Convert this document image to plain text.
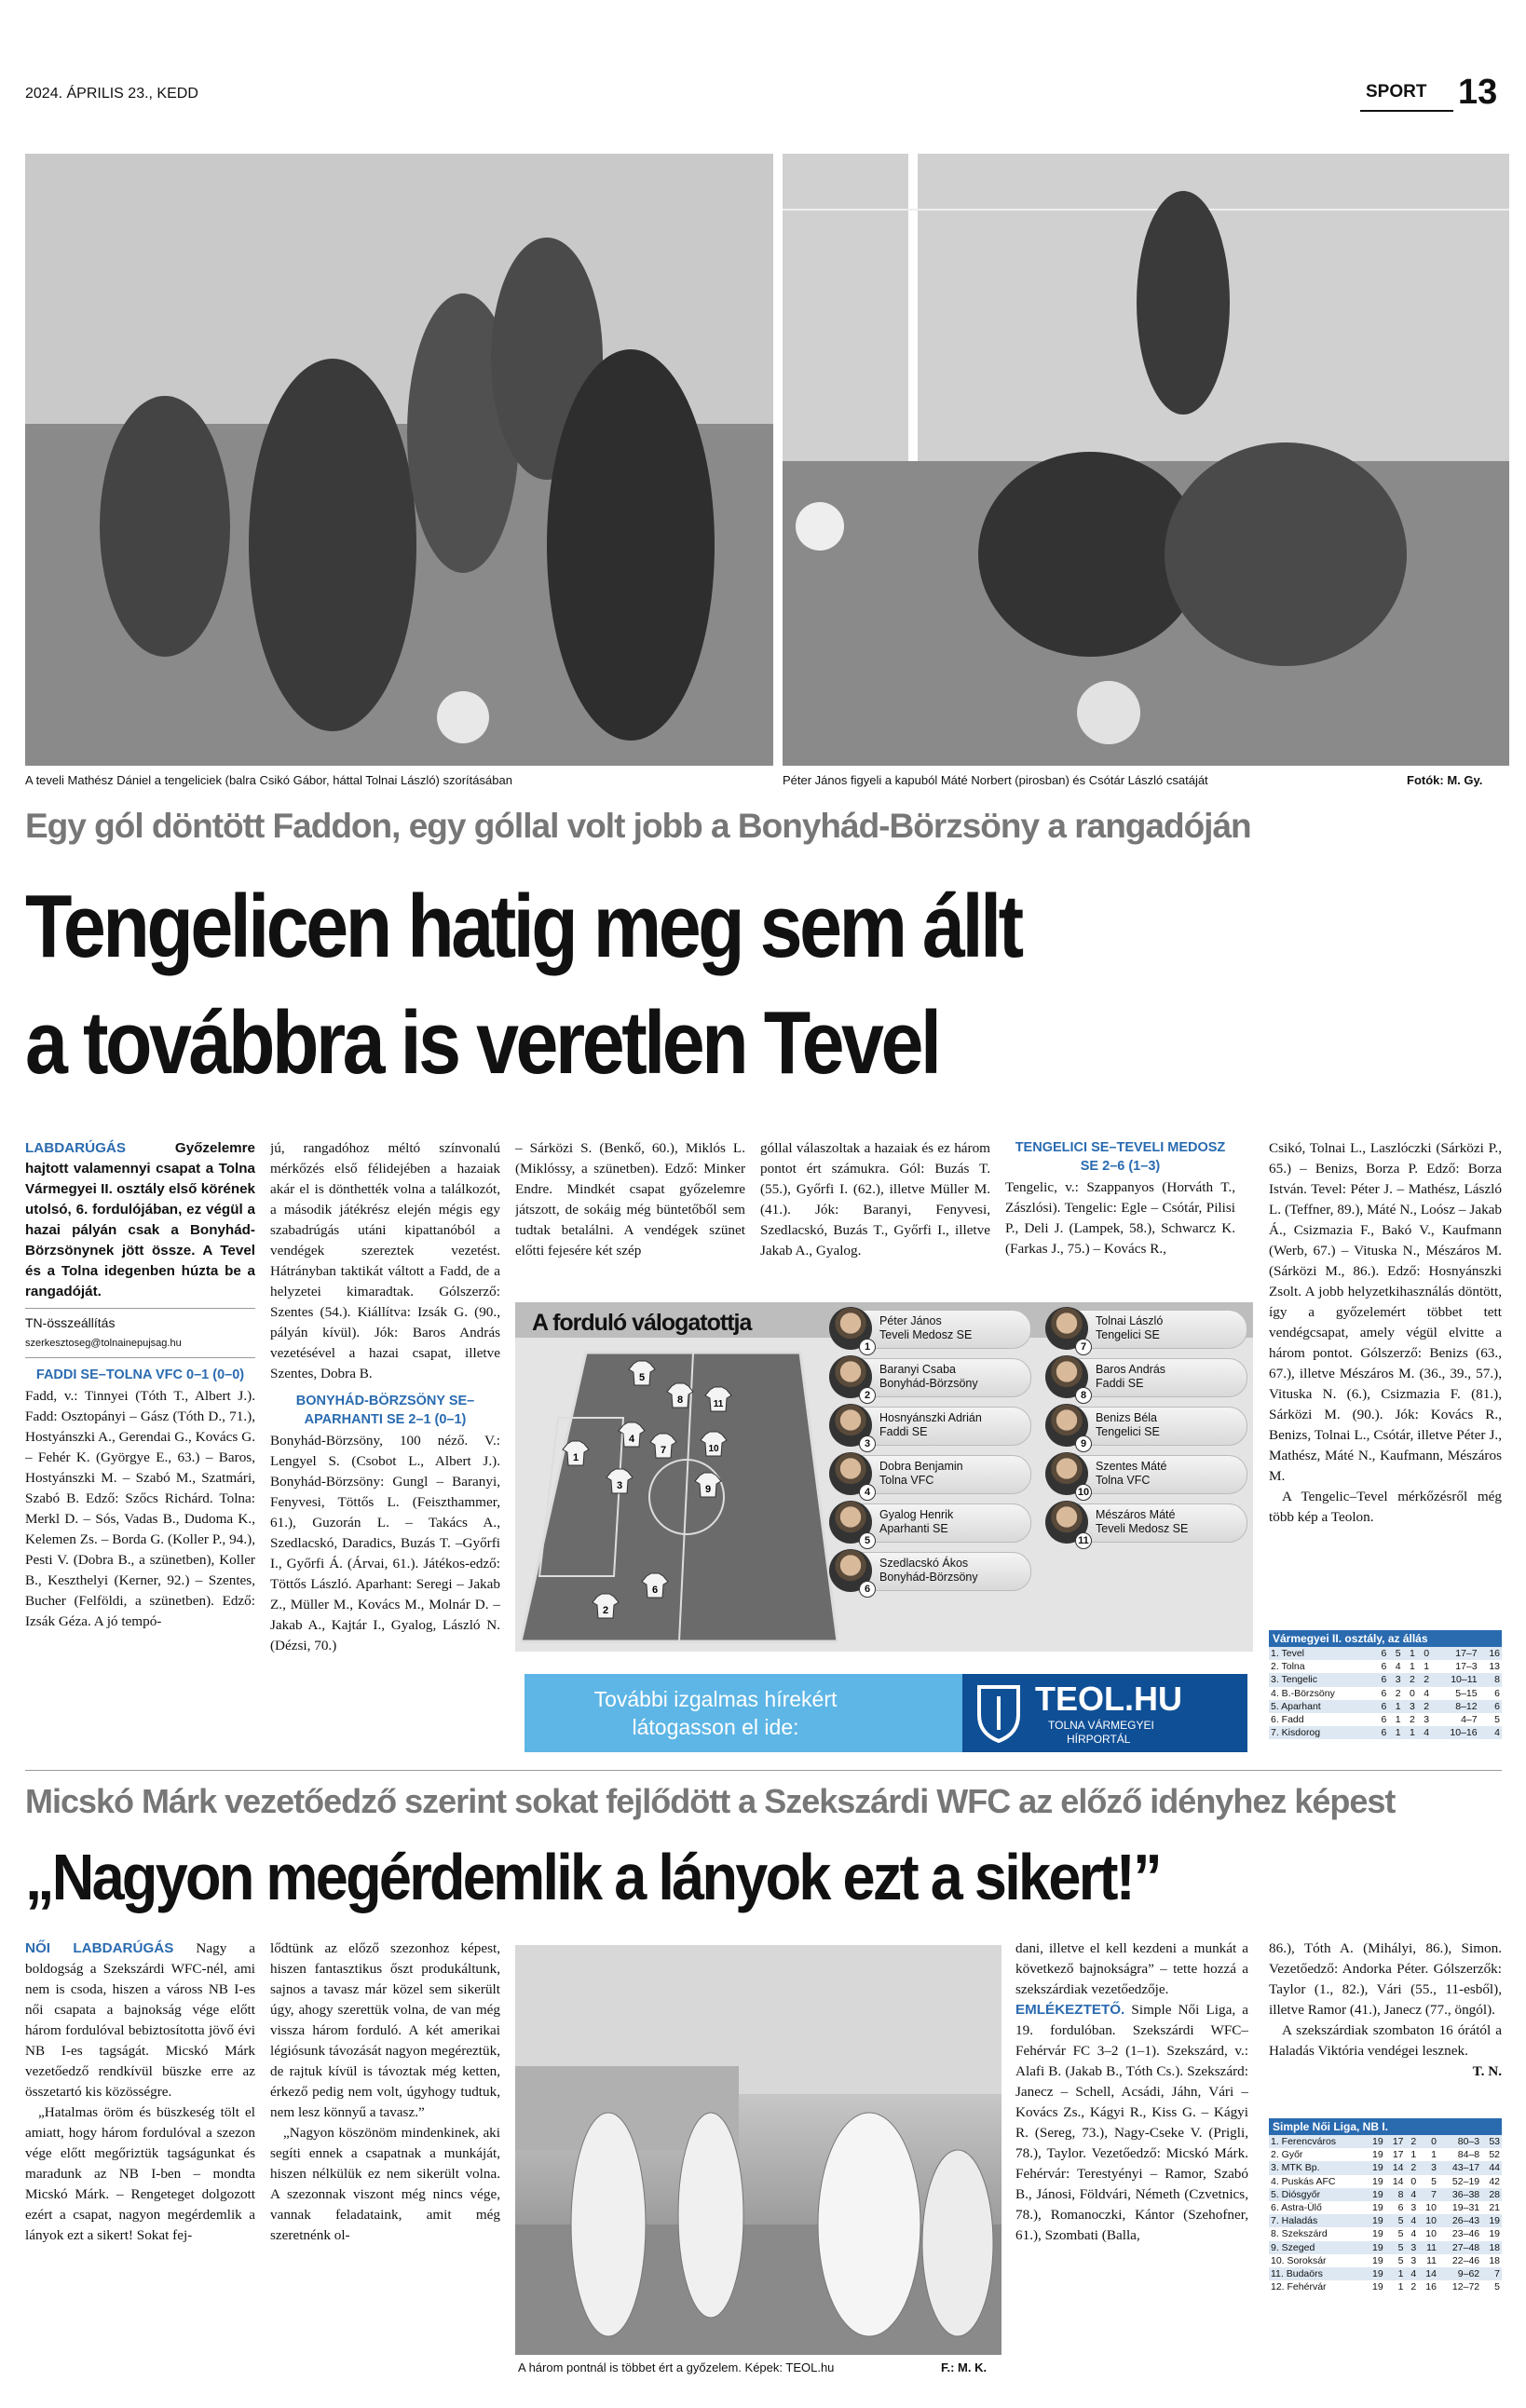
2024. ÁPRILIS 23., KEDD	SPORT 13
A teveli Mathész Dániel a tengeliciek (balra Csikó Gábor, háttal Tolnai László) szorításában	Péter János figyeli a kapuból Máté Norbert (pirosban) és Csótár László csatáját	Fotók: M. Gy.
Egy gól döntött Faddon, egy góllal volt jobb a Bonyhád-Börzsöny a rangadóján
Tengelicen hatig meg sem állt
a továbbra is veretlen Tevel

LABDARÚGÁS	Győzelemre hajtott valamennyi csapat a Tolna Vármegyei II. osztály első körének utolsó, 6. fordulójában, ez végül a hazai pályán csak a Bonyhád-Börzsönynek jött össze. A Tevel és a Tolna idegenben húzta be a rangadóját.

TN-összeállítás
szerkesztoseg@tolnainepujsag.hu
FADDI SE–TOLNA VFC 0–1 (0–0)

Fadd, v.: Tinnyei (Tóth T., Albert J.). Fadd: Osztopányi – Gász (Tóth D., 71.), Hostyánszki A., Gerendai G., Kovács G. – Fehér K. (Györgye E., 63.) – Baros, Hostyánszki M. – Szabó M., Szatmári, Szabó B. Edző: Szőcs Richárd. Tolna: Merkl D. – Sós, Vadas B., Dudoma K., Kelemen Zs. – Borda G. (Koller P., 94.), Pesti V. (Dobra B., a szünetben), Koller B., Keszthelyi (Kerner, 92.) – Szentes, Bucher (Felföldi, a szünetben). Edző: Izsák Géza. A jó tempó-

jú, rangadóhoz méltó színvonalú mérkőzés első félidejében a hazaiak akár el is dönthették volna a találkozót, a második játékrész elején mégis egy szabadrúgás utáni kipattanóból a vendégek szereztek vezetést. Hátrányban taktikát váltott a Fadd, de a helyzetei kimaradtak. Gólszerző: Szentes (54.). Kiállítva: Izsák G. (90., pályán kívül). Jók: Baros András vezetésével a hazai csapat, illetve Szentes, Dobra B.

BONYHÁD-BÖRZSÖNY SE–APARHANTI SE 2–1 (0–1)

Bonyhád-Börzsöny, 100 néző. V.: Lengyel S. (Csobot L., Albert J.). Bonyhád-Börzsöny: Gungl – Baranyi, Fenyvesi, Töttős L. (Feiszthammer, 61.), Guzorán L. – Takács A., Szedlacskó, Daradics, Buzás T. –Győrfi I., Győrfi Á. (Árvai, 61.). Játékos-edző: Töttős László. Aparhant: Seregi – Jakab Z., Müller M., Kovács M., Molnár D. – Jakab A., Kajtár I., Gyalog, László N. (Dézsi, 70.)

– Sárközi S. (Benkő, 60.), Miklós L. (Miklóssy, a szünetben). Edző: Minker Endre. Mindkét csapat győzelemre játszott, de sokáig még büntetőből sem tudtak betalálni. A vendégek szünet előtti fejesére két szép

góllal válaszoltak a hazaiak és ez három pontot ért számukra. Gól: Buzás T. (55.), Győrfi I. (62.), illetve Müller M. (41.). Jók: Baranyi, Fenyvesi, Szedlacskó, Buzás T., Győrfi I., illetve Jakab A., Gyalog.

TENGELICI SE–TEVELI MEDOSZ SE 2–6 (1–3)

Tengelic, v.: Szappanyos (Horváth T., Zászlósi). Tengelic: Egle – Csótár, Pilisi P., Deli J. (Lampek, 58.), Schwarcz K. (Farkas J., 75.) – Kovács R.,

Csikó, Tolnai L., Laszlóczki (Sárközi P., 65.) – Benizs, Borza P. Edző: Borza István. Tevel: Péter J. – Mathész, László L. (Teffner, 89.), Máté N., Loósz – Jakab Á., Csizmazia F., Bakó V., Kaufmann (Werb, 67.) – Vituska N., Mészáros M. (Sárközi M., 86.). Edző: Hosnyánszki Zsolt. A jobb helyzetkihasználás döntött, így a győzelemért többet tett vendégcsapat, amely végül elvitte a három pontot. Gólszerző: Benizs (63., 67.), illetve Mészáros M. (36., 39., 57.), Vituska N. (6.), Csizmazia F. (81.), Sárközi M. (90.). Jók: Kovács R., Benizs, Tolnai L., Csótár, illetve Péter J., Mathész, Máté N., Kaufmann, Mészáros M.

A Tengelic–Tevel mérkőzésről még több kép a Teolon.

A forduló válogatottja
1
2
3
4
5
6
7
8
9
10
11
Péter János
Teveli Medosz SE
1
Baranyi Csaba
Bonyhád-Börzsöny
2
Hosnyánszki Adrián
Faddi SE
3
Dobra Benjamin
Tolna VFC
4
Gyalog Henrik
Aparhanti SE
5
Szedlacskó Ákos
Bonyhád-Börzsöny
6
Tolnai László
Tengelici SE
7
Baros András
Faddi SE
8
Benizs Béla
Tengelici SE
9
Szentes Máté
Tolna VFC
10
Mészáros Máté
Teveli Medosz SE
11
További izgalmas hírekért
látogasson el ide:
TEOL.HU
TOLNA VÁRMEGYEI
HÍRPORTÁL
Vármegyei II. osztály, az állás
1. Tevel	6	5	1	0	17–7	16
2. Tolna	6	4	1	1	17–3	13
3. Tengelic	6	3	2	2	10–11	8
4. B.-Börzsöny	6	2	0	4	5–15	6
5. Aparhant	6	1	3	2	8–12	6
6. Fadd	6	1	2	3	4–7	5
7. Kisdorog	6	1	1	4	10–16	4
Micskó Márk vezetőedző szerint sokat fejlődött a Szekszárdi WFC az előző idényhez képest
„Nagyon megérdemlik a lányok ezt a sikert!”

NŐI LABDARÚGÁS Nagy a boldogság a Szekszárdi WFC-nél, ami nem is csoda, hiszen a váross NB I-es női csapata a bajnokság vége előtt három fordulóval bebiztosította jövő évi NB I-es tagságát. Micskó Márk vezetőedző rendkívül büszke erre az összetartó kis közösségre.

„Hatalmas öröm és büszkeség tölt el amiatt, hogy három fordulóval a szezon vége előtt megőriztük tagságunkat és maradunk az NB I-ben – mondta Micskó Márk. – Rengeteget dolgozott ezért a csapat, nagyon megérdemlik a lányok ezt a sikert! Sokat fej-

lődtünk az előző szezonhoz képest, hiszen fantasztikus őszt produkáltunk, sajnos a tavasz már közel sem sikerült úgy, ahogy szerettük volna, de van még vissza három forduló. A két amerikai légiósunk távozását nagyon megéreztük, de rajtuk kívül is távoztak még ketten, érkező pedig nem volt, úgyhogy tudtuk, nem lesz könnyű a tavasz.”

„Nagyon köszönöm mindenkinek, aki segíti ennek a csapatnak a munkáját, hiszen nélkülük ez nem sikerült volna. A szezonnak viszont még nincs vége, vannak feladataink, amit még szeretnénk ol-

A három pontnál is többet ért a győzelem. Képek: TEOL.hu	F.: M. K.

dani, illetve el kell kezdeni a munkát a következő bajnokságra” – tette hozzá a szekszárdiak vezetőedzője.

EMLÉKEZTETŐ. Simple Női Liga, a 19. fordulóban. Szekszárdi WFC–Fehérvár FC 3–2 (1–1). Szekszárd, v.: Alafi B. (Jakab B., Tóth Cs.). Szekszárd: Janecz – Schell, Acsádi, Jáhn, Vári – Kovács Zs., Kágyi R., Kiss G. – Kágyi R. (Sereg, 73.), Nagy-Cseke V. (Prigli, 78.), Taylor. Vezetőedző: Micskó Márk. Fehérvár: Terestyényi – Ramor, Szabó B., Jánosi, Földvári, Németh (Czvetnics, 78.), Romanoczki, Kántor (Szehofner, 61.), Szombati (Balla,

86.), Tóth A. (Mihályi, 86.), Simon. Vezetőedző: Andorka Péter. Gólszerzők: Taylor (1., 82.), Vári (55., 11-esből), illetve Ramor (41.), Janecz (77., öngól).

A szekszárdiak szombaton 16 órától a Haladás Viktória vendégei lesznek.

T. N.

Simple Női Liga, NB I.
1. Ferencváros	19	17	2	0	80–3	53
2. Győr	19	17	1	1	84–8	52
3. MTK Bp.	19	14	2	3	43–17	44
4. Puskás AFC	19	14	0	5	52–19	42
5. Diósgyőr	19	8	4	7	36–38	28
6. Astra-Ülő	19	6	3	10	19–31	21
7. Haladás	19	5	4	10	26–43	19
8. Szekszárd	19	5	4	10	23–46	19
9. Szeged	19	5	3	11	27–48	18
10. Soroksár	19	5	3	11	22–46	18
11. Budaörs	19	1	4	14	9–62	7
12. Fehérvár	19	1	2	16	12–72	5
